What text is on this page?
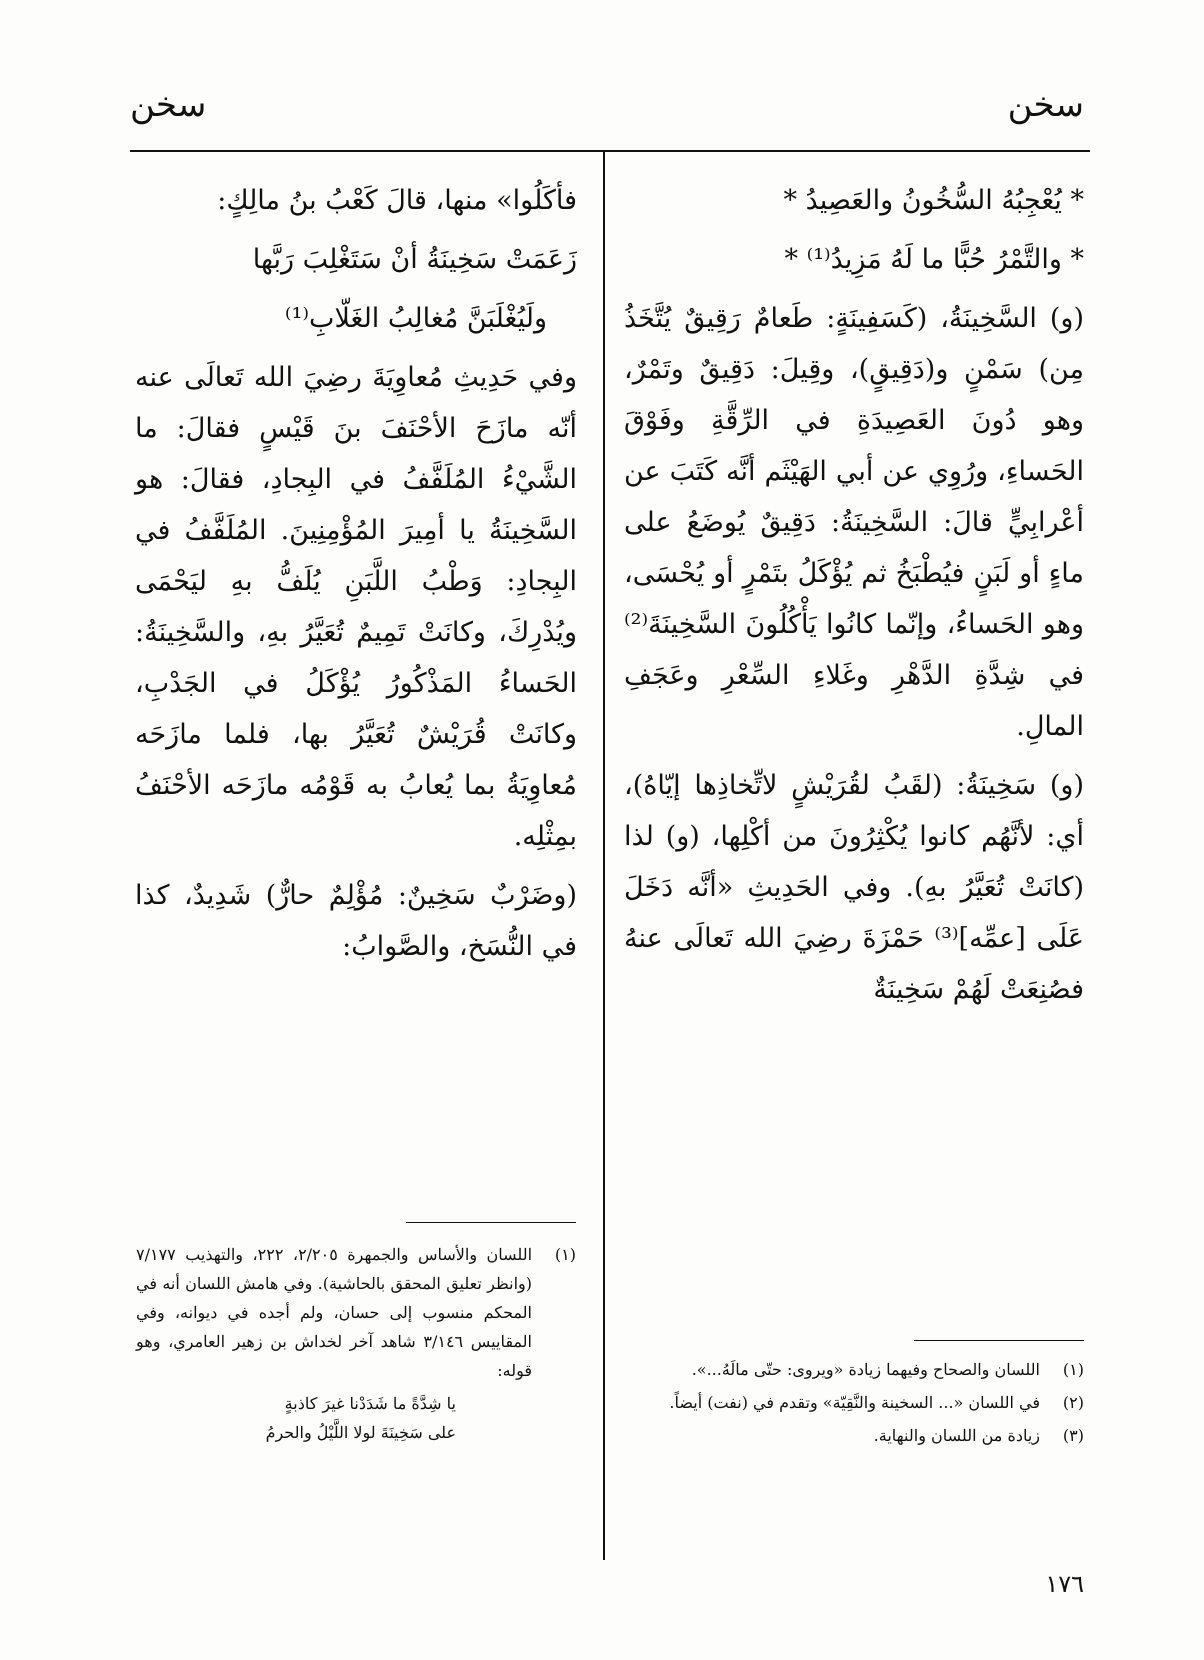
سخن
سخن

* يُعْجِبُهُ السُّخُونُ والعَصِيدُ *

* والتَّمْرُ حُبًّا ما لَهُ مَزِيدُ⁽¹⁾ *

(و) السَّخِينَةُ، (كَسَفِينَةٍ: طَعامٌ رَقِيقٌ يُتَّخَذُ مِن) سَمْنٍ و(دَقِيقٍ)، وقِيلَ: دَقِيقٌ وتَمْرٌ، وهو دُونَ العَصِيدَةِ في الرِّقَّةِ وفَوْقَ الحَساءِ، ورُوِي عن أبي الهَيْثَم أنَّه كَتَبَ عن أعْرابِيٍّ قالَ: السَّخِينَةُ: دَقِيقٌ يُوضَعُ على ماءٍ أو لَبَنٍ فيُطْبَخُ ثم يُؤْكَلُ بتَمْرٍ أو يُحْسَى، وهو الحَساءُ، وإنّما كانُوا يَأْكُلُونَ السَّخِينَةَ⁽²⁾ في شِدَّةِ الدَّهْرِ وغَلاءِ السِّعْرِ وعَجَفِ المالِ.

(و) سَخِينَةُ: (لقَبُ لقُرَيْشٍ لاتِّخاذِها إيّاهُ)، أي: لأنَّهُم كانوا يُكْثِرُونَ من أكْلِها، (و) لذا (كانَتْ تُعَيَّرُ بهِ). وفي الحَدِيثِ «أنَّه دَخَلَ عَلَى [عمِّه]⁽³⁾ حَمْزَةَ رضِيَ الله تَعالَى عنهُ فصُنِعَتْ لَهُمْ سَخِينَةٌ

فأكَلُوا» منها، قالَ كَعْبُ بنُ مالِكٍ:

زَعَمَتْ سَخِينَةُ أنْ سَتَغْلِبَ رَبَّها

ولَيُغْلَبَنَّ مُغالِبُ الغَلّابِ⁽¹⁾

وفي حَدِيثِ مُعاوِيَةَ رضِيَ الله تَعالَى عنه أنّه مازَحَ الأحْنَفَ بنَ قَيْسٍ فقالَ: ما الشَّيْءُ المُلَفَّفُ في البِجادِ، فقالَ: هو السَّخِينَةُ يا أمِيرَ المُؤْمِنِينَ. المُلَفَّفُ في البِجادِ: وَطْبُ اللَّبَنِ يُلَفُّ بهِ ليَحْمَى ويُدْرِكَ، وكانَتْ تَمِيمٌ تُعَيَّرُ بهِ، والسَّخِينَةُ: الحَساءُ المَذْكُورُ يُؤْكَلُ في الجَدْبِ، وكانَتْ قُرَيْشٌ تُعَيَّرُ بها، فلما مازَحَه مُعاوِيَةُ بما يُعابُ به قَوْمُه مازَحَه الأحْنَفُ بمِثْلِه.

(وضَرْبٌ سَخِينٌ: مُؤْلِمٌ حارٌّ) شَدِيدٌ، كذا في النُّسَخ، والصَّوابُ:

(١)
اللسان والأساس والجمهرة ٢/٢٠٥، ٢٢٢، والتهذيب ٧/١٧٧ (وانظر تعليق المحقق بالحاشية). وفي هامش اللسان أنه في المحكم منسوب إلى حسان، ولم أجده في ديوانه، وفي المقاييس ٣/١٤٦ شاهد آخر لخداش بن زهير العامري، وهو قوله:

يا شِدَّةً ما شَدَدْنا غيرَ كاذبةٍ

على سَخِينَةَ لولا اللَّيْلُ والحرمُ

(١)
اللسان والصحاح وفيهما زيادة «ويروى: حتّى مالَهُ...».
(٢)
في اللسان «... السخينة والنَّقِيّة» وتقدم في (نفت) أيضاً.
(٣)
زيادة من اللسان والنهاية.
١٧٦
